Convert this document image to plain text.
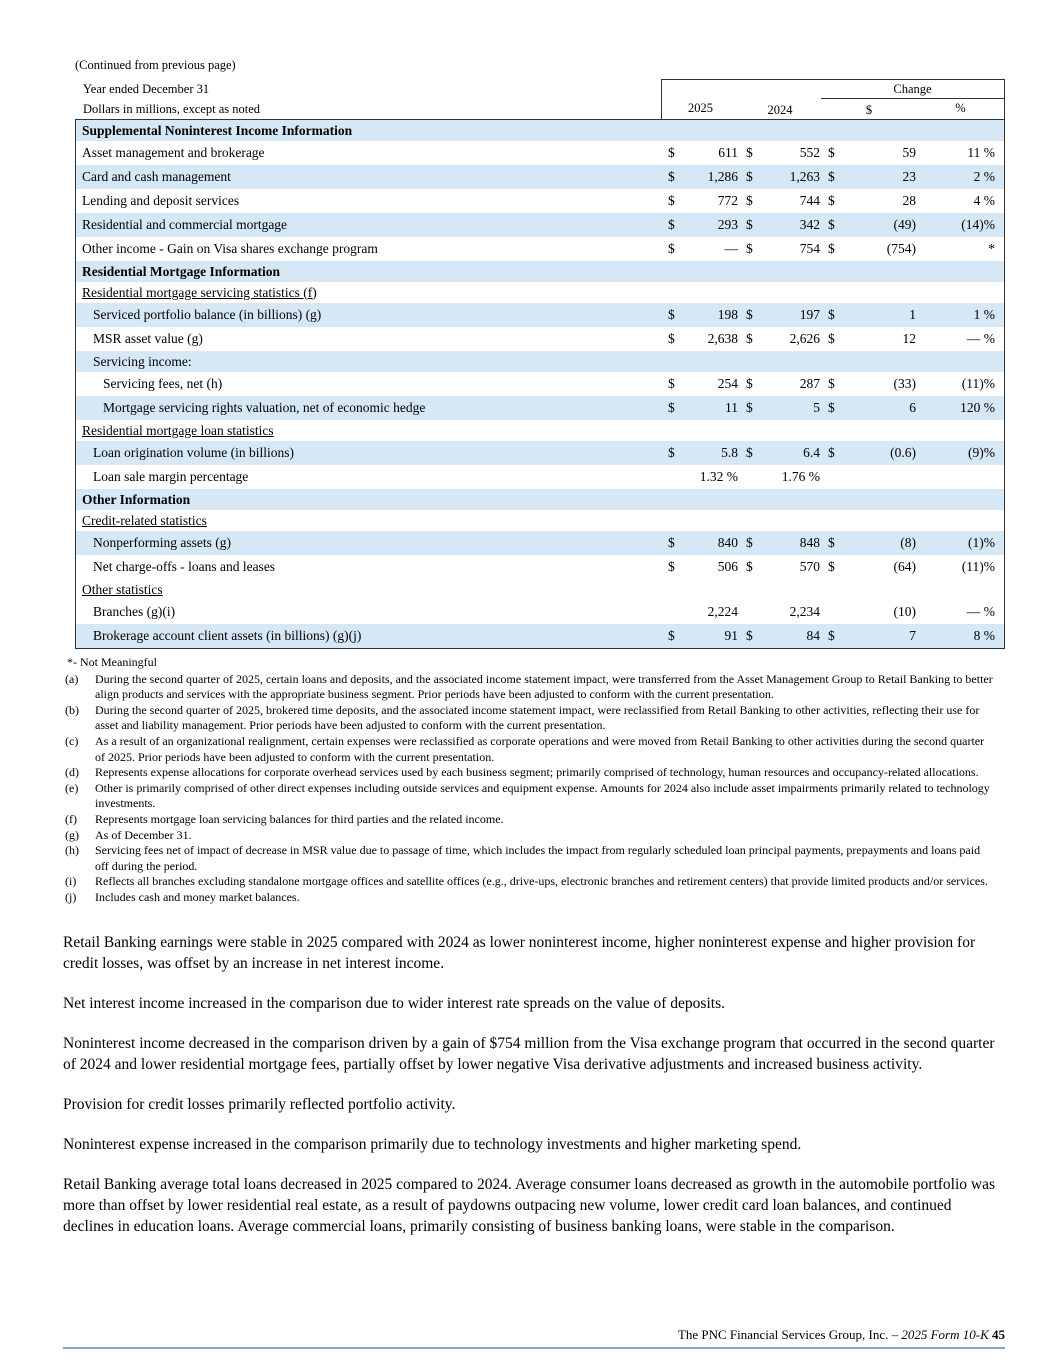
(Continued from previous page)
Year ended December 31	Change
Dollars in millions, except as noted	2025	2024	$	%
Supplemental Noninterest Income Information
Asset management and brokerage	$	611 $	552 $	59	11 %
Card and cash management	$	1,286 $	1,263 $	23	2 %
Lending and deposit services	$	772 $	744 $	28	4 %
Residential and commercial mortgage	$	293 $	342 $	(49)	(14)%
Other income - Gain on Visa shares exchange program	$	— $	754 $	(754)	*
Residential Mortgage Information
Residential mortgage servicing statistics (f)
Serviced portfolio balance (in billions) (g)	$	198 $	197 $	1	1 %
MSR asset value (g)	$	2,638 $	2,626 $	12	— %
Servicing income:
Servicing fees, net (h)	$	254 $	287 $	(33)	(11)%
Mortgage servicing rights valuation, net of economic hedge	$	11 $	5 $	6	120 %
Residential mortgage loan statistics
Loan origination volume (in billions)	$	5.8 $	6.4 $	(0.6)	(9)%
Loan sale margin percentage	1.32 %	1.76 %
Other Information
Credit-related statistics
Nonperforming assets (g)	$	840 $	848 $	(8)	(1)%
Net charge-offs - loans and leases	$	506 $	570 $	(64)	(11)%
Other statistics
Branches (g)(i)	2,224	2,234	(10)	— %
Brokerage account client assets (in billions) (g)(j)	$	91 $	84 $	7	8 %
*- Not Meaningful
(a)	During the second quarter of 2025, certain loans and deposits, and the associated income statement impact, were transferred from the Asset Management Group to Retail Banking to better align products and services with the appropriate business segment. Prior periods have been adjusted to conform with the current presentation.
(b)	During the second quarter of 2025, brokered time deposits, and the associated income statement impact, were reclassified from Retail Banking to other activities, reflecting their use for asset and liability management. Prior periods have been adjusted to conform with the current presentation.
(c)	As a result of an organizational realignment, certain expenses were reclassified as corporate operations and were moved from Retail Banking to other activities during the second quarter of 2025. Prior periods have been adjusted to conform with the current presentation.
(d)	Represents expense allocations for corporate overhead services used by each business segment; primarily comprised of technology, human resources and occupancy-related allocations.
(e)	Other is primarily comprised of other direct expenses including outside services and equipment expense. Amounts for 2024 also include asset impairments primarily related to technology investments.
(f)	Represents mortgage loan servicing balances for third parties and the related income.
(g)	As of December 31.
(h)	Servicing fees net of impact of decrease in MSR value due to passage of time, which includes the impact from regularly scheduled loan principal payments, prepayments and loans paid off during the period.
(i)	Reflects all branches excluding standalone mortgage offices and satellite offices (e.g., drive-ups, electronic branches and retirement centers) that provide limited products and/or services.
(j)	Includes cash and money market balances.

Retail Banking earnings were stable in 2025 compared with 2024 as lower noninterest income, higher noninterest expense and higher provision for credit losses, was offset by an increase in net interest income.

Net interest income increased in the comparison due to wider interest rate spreads on the value of deposits.

Noninterest income decreased in the comparison driven by a gain of $754 million from the Visa exchange program that occurred in the second quarter of 2024 and lower residential mortgage fees, partially offset by lower negative Visa derivative adjustments and increased business activity.

Provision for credit losses primarily reflected portfolio activity.

Noninterest expense increased in the comparison primarily due to technology investments and higher marketing spend.

Retail Banking average total loans decreased in 2025 compared to 2024. Average consumer loans decreased as growth in the automobile portfolio was more than offset by lower residential real estate, as a result of paydowns outpacing new volume, lower credit card loan balances, and continued declines in education loans. Average commercial loans, primarily consisting of business banking loans, were stable in the comparison.

The PNC Financial Services Group, Inc. – 2025 Form 10-K 45
